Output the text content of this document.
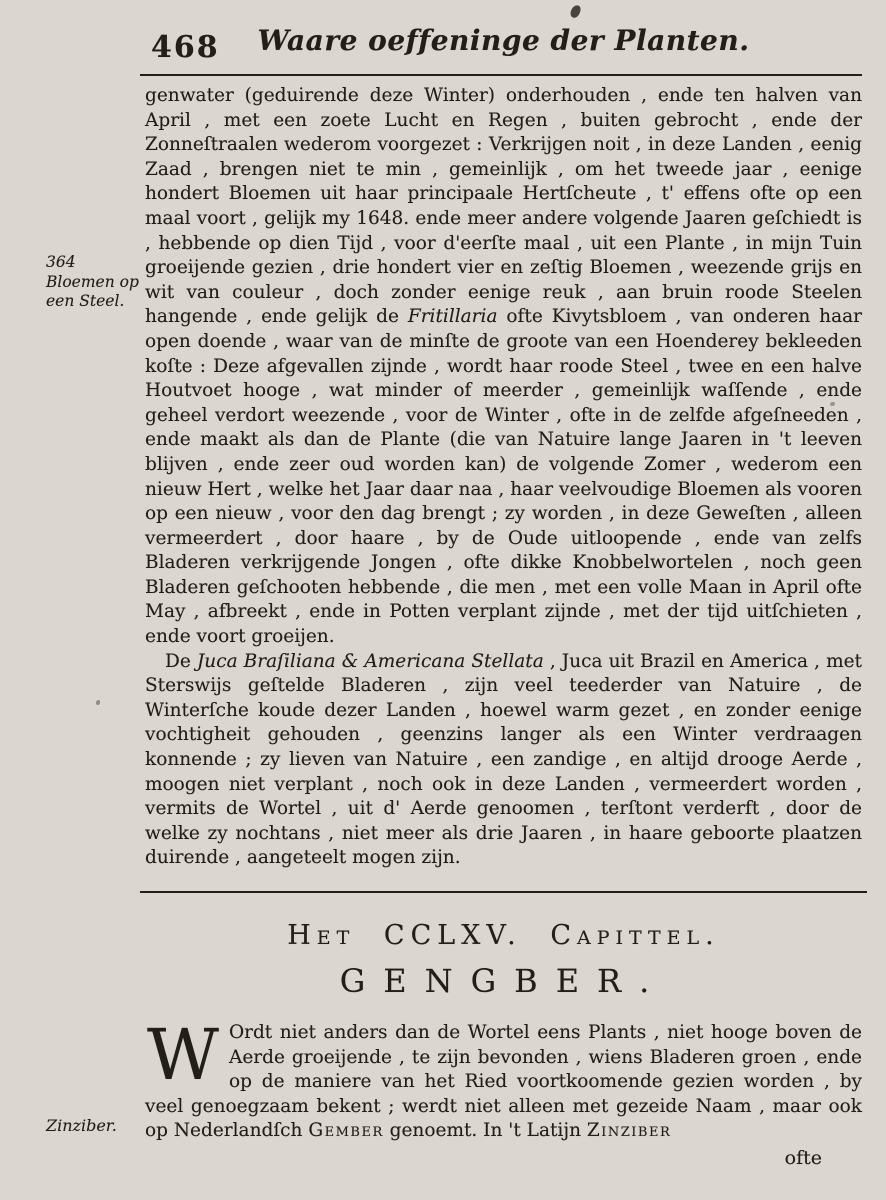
468 Waare oeffeninge der Planten.
364 Bloemen op een Steel.
Zinziber.

genwater (geduirende deze Winter) onderhouden , ende ten halven van April , met een zoete Lucht en Regen , buiten gebrocht , ende der Zonneſtraalen wederom voorgezet : Verkrijgen noit , in deze Landen , eenig Zaad , brengen niet te min , gemeinlijk , om het tweede jaar , eenige hondert Bloemen uit haar principaale Hertſcheute , t' effens ofte op een maal voort , gelijk my 1648. ende meer andere volgende Jaaren geſchiedt is , hebbende op dien Tijd , voor d'eerſte maal , uit een Plante , in mijn Tuin groeijende gezien , drie hondert vier en zeſtig Bloemen , weezende grijs en wit van couleur , doch zonder eenige reuk , aan bruin roode Steelen hangende , ende gelijk de Fritillaria ofte Kivytsbloem , van onderen haar open doende , waar van de minſte de groote van een Hoenderey bekleeden koſte : Deze afgevallen zijnde , wordt haar roode Steel , twee en een halve Houtvoet hooge , wat minder of meerder , gemeinlijk waſſende , ende geheel verdort weezende , voor de Winter , ofte in de zelfde afgeſneeden , ende maakt als dan de Plante (die van Natuire lange Jaaren in 't leeven blijven , ende zeer oud worden kan) de volgende Zomer , wederom een nieuw Hert , welke het Jaar daar naa , haar veelvoudige Bloemen als vooren op een nieuw , voor den dag brengt ; zy worden , in deze Geweſten , alleen vermeerdert , door haare , by de Oude uitloopende , ende van zelfs Bladeren verkrijgende Jongen , ofte dikke Knobbelwortelen , noch geen Bladeren geſchooten hebbende , die men , met een volle Maan in April ofte May , afbreekt , ende in Potten verplant zijnde , met der tijd uitſchieten , ende voort groeijen.

De Juca Braſiliana & Americana Stellata , Juca uit Brazil en America , met Sterswijs geſtelde Bladeren , zijn veel teederder van Natuire , de Winterſche koude dezer Landen , hoewel warm gezet , en zonder eenige vochtigheit gehouden , geenzins langer als een Winter verdraagen konnende ; zy lieven van Natuire , een zandige , en altijd drooge Aerde , moogen niet verplant , noch ook in deze Landen , vermeerdert worden , vermits de Wortel , uit d' Aerde genoomen , terſtont verderft , door de welke zy nochtans , niet meer als drie Jaaren , in haare geboorte plaatzen duirende , aangeteelt mogen zijn.

Het CCLXV. Capittel.
GENGBER.

W Ordt niet anders dan de Wortel eens Plants , niet hooge boven de Aerde groeijende , te zijn bevonden , wiens Bladeren groen , ende op de maniere van het Ried voortkoomende gezien worden , by veel genoegzaam bekent ; werdt niet alleen met gezeide Naam , maar ook op Nederlandſch Gember genoemt. In 't Latijn Zinziber

ofte
